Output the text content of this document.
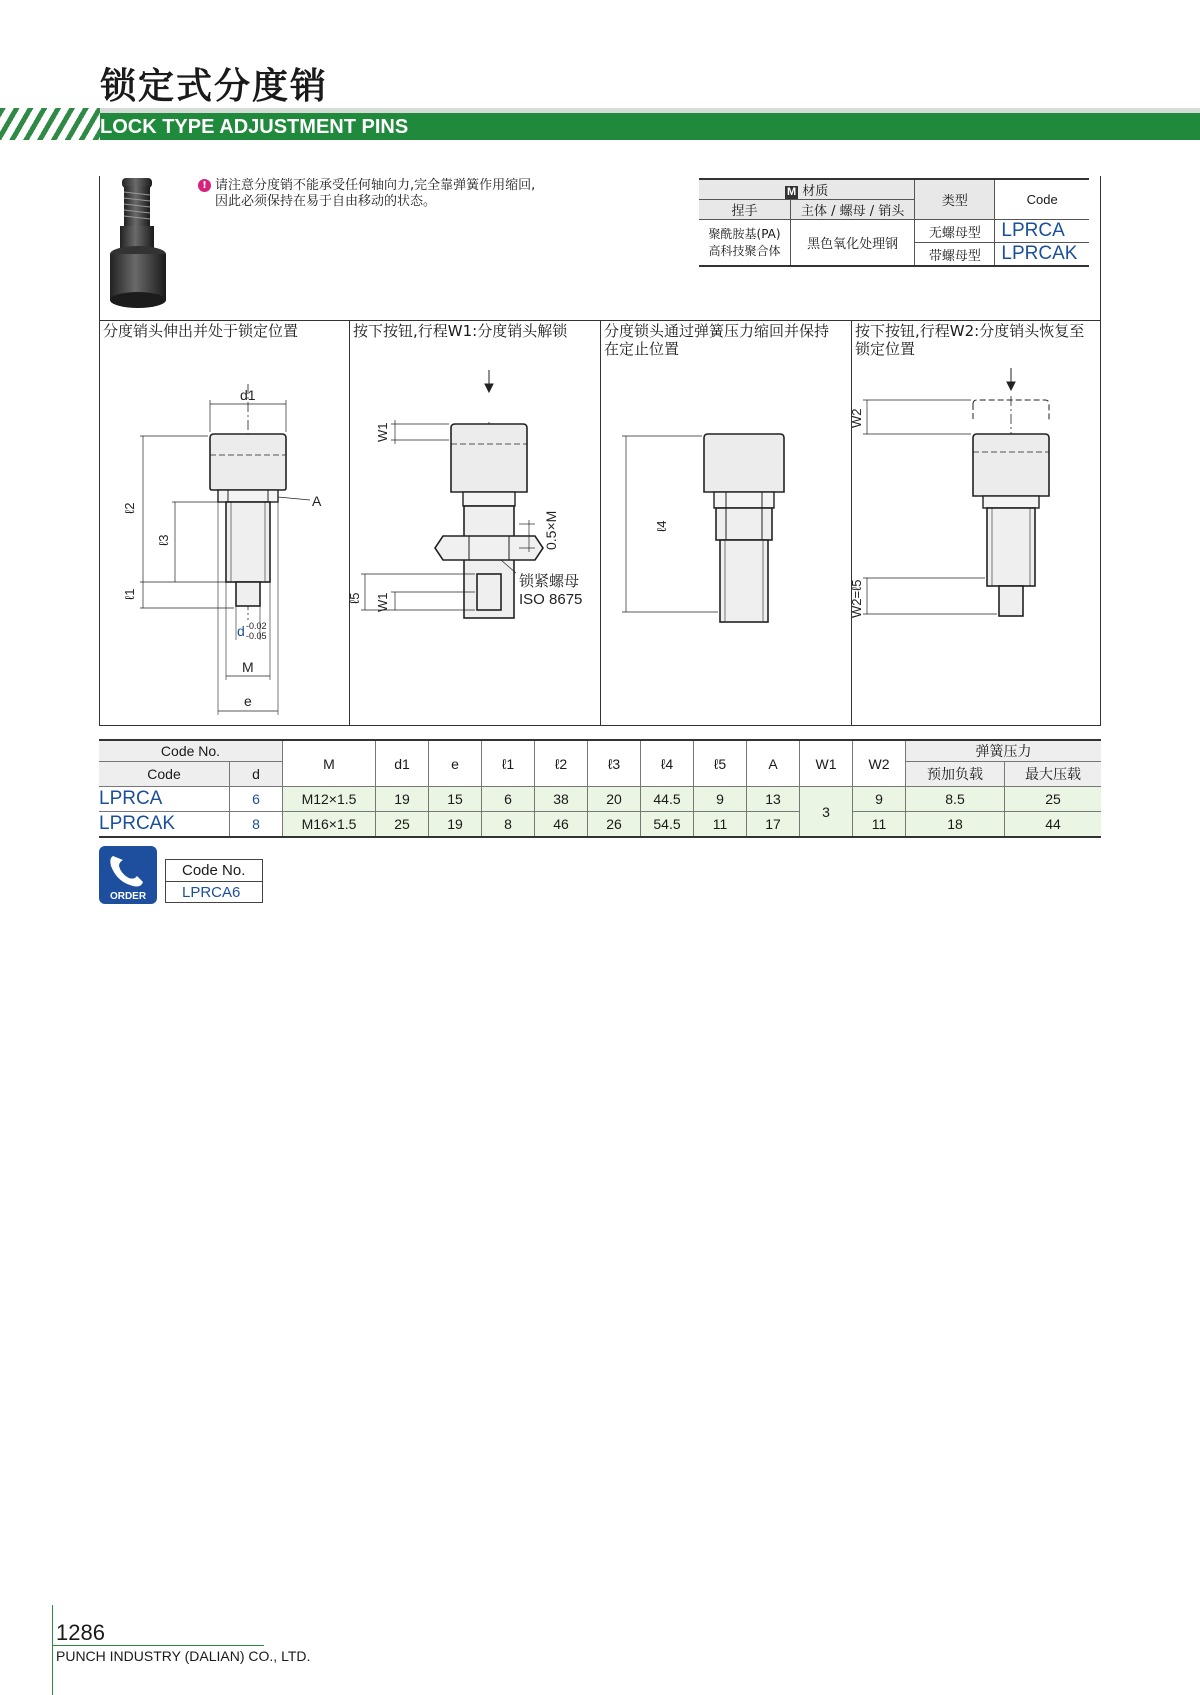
锁定式分度销
LOCK TYPE ADJUSTMENT PINS
! 请注意分度销不能承受任何轴向力,完全靠弹簧作用缩回,
因此必须保持在易于自由移动的状态。
M 材质		类型	Code
捏手	主体 / 螺母 / 销头		

聚酰胺基(PA)
高科技聚合体	黑色氧化处理钢	无螺母型	LPRCA
		带螺母型	LPRCAK
分度销头伸出并处于锁定位置	按下按钮,行程W1:分度销头解锁 分度锁头通过弹簧压力缩回并保持
在定止位置
按下按钮,行程W2:分度销头恢复至
锁定位置
d1
ℓ2
ℓ3
ℓ1
A
d -0.02
-0.05
M
e
W1
0.5×M
ℓ5 W1
锁紧螺母
ISO 8675
ℓ4
W2
W2=ℓ5
Code No.		M	d1	e	ℓ1	ℓ2	ℓ3	ℓ4	ℓ5	A	W1	W2	弹簧压力	
Code	d												预加负载	最大压载
LPRCA	6	M12×1.5	19	15	6	38	20	44.5	9	13	3	9	8.5	25
LPRCAK	8	M16×1.5	25	19	8	46	26	54.5	11	17		11	18	44
ORDER
Code No.
LPRCA6
1286
PUNCH INDUSTRY (DALIAN) CO., LTD.
